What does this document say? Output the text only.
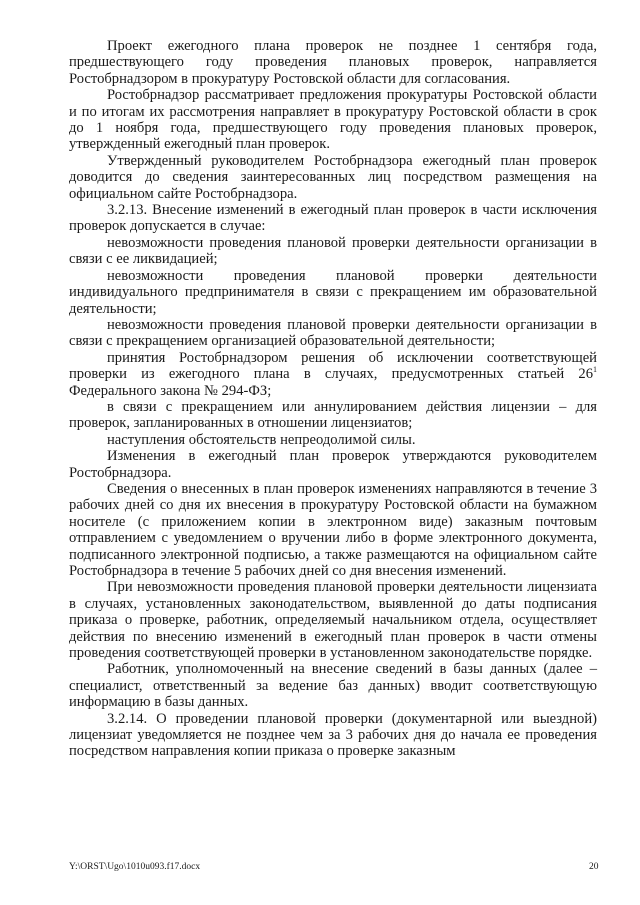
Проект ежегодного плана проверок не позднее 1 сентября года, предшествующего году проведения плановых проверок, направляется Ростобрнадзором в прокуратуру Ростовской области для согласования.

Ростобрнадзор рассматривает предложения прокуратуры Ростовской области и по итогам их рассмотрения направляет в прокуратуру Ростовской области в срок до 1 ноября года, предшествующего году проведения плановых проверок, утвержденный ежегодный план проверок.

Утвержденный руководителем Ростобрнадзора ежегодный план проверок доводится до сведения заинтересованных лиц посредством размещения на официальном сайте Ростобрнадзора.

3.2.13. Внесение изменений в ежегодный план проверок в части исключения проверок допускается в случае:

невозможности проведения плановой проверки деятельности организации в связи с ее ликвидацией;

невозможности проведения плановой проверки деятельности индивидуального предпринимателя в связи с прекращением им образовательной деятельности;

невозможности проведения плановой проверки деятельности организации в связи с прекращением организацией образовательной деятельности;

принятия Ростобрнадзором решения об исключении соответствующей проверки из ежегодного плана в случаях, предусмотренных статьей $26^1$ Федерального закона № 294-ФЗ;

в связи с прекращением или аннулированием действия лицензии – для проверок, запланированных в отношении лицензиатов;

наступления обстоятельств непреодолимой силы.

Изменения в ежегодный план проверок утверждаются руководителем Ростобрнадзора.

Сведения о внесенных в план проверок изменениях направляются в течение 3 рабочих дней со дня их внесения в прокуратуру Ростовской области на бумажном носителе (с приложением копии в электронном виде) заказным почтовым отправлением с уведомлением о вручении либо в форме электронного документа, подписанного электронной подписью, а также размещаются на официальном сайте Ростобрнадзора в течение 5 рабочих дней со дня внесения изменений.

При невозможности проведения плановой проверки деятельности лицензиата в случаях, установленных законодательством, выявленной до даты подписания приказа о проверке, работник, определяемый начальником отдела, осуществляет действия по внесению изменений в ежегодный план проверок в части отмены проведения соответствующей проверки в установленном законодательстве порядке.

Работник, уполномоченный на внесение сведений в базы данных (далее – специалист, ответственный за ведение баз данных) вводит соответствующую информацию в базы данных.

3.2.14. О проведении плановой проверки (документарной или выездной) лицензиат уведомляется не позднее чем за 3 рабочих дня до начала ее проведения посредством направления копии приказа о проверке заказным

Y:\ORST\Ugo\1010u093.f17.docx	20
